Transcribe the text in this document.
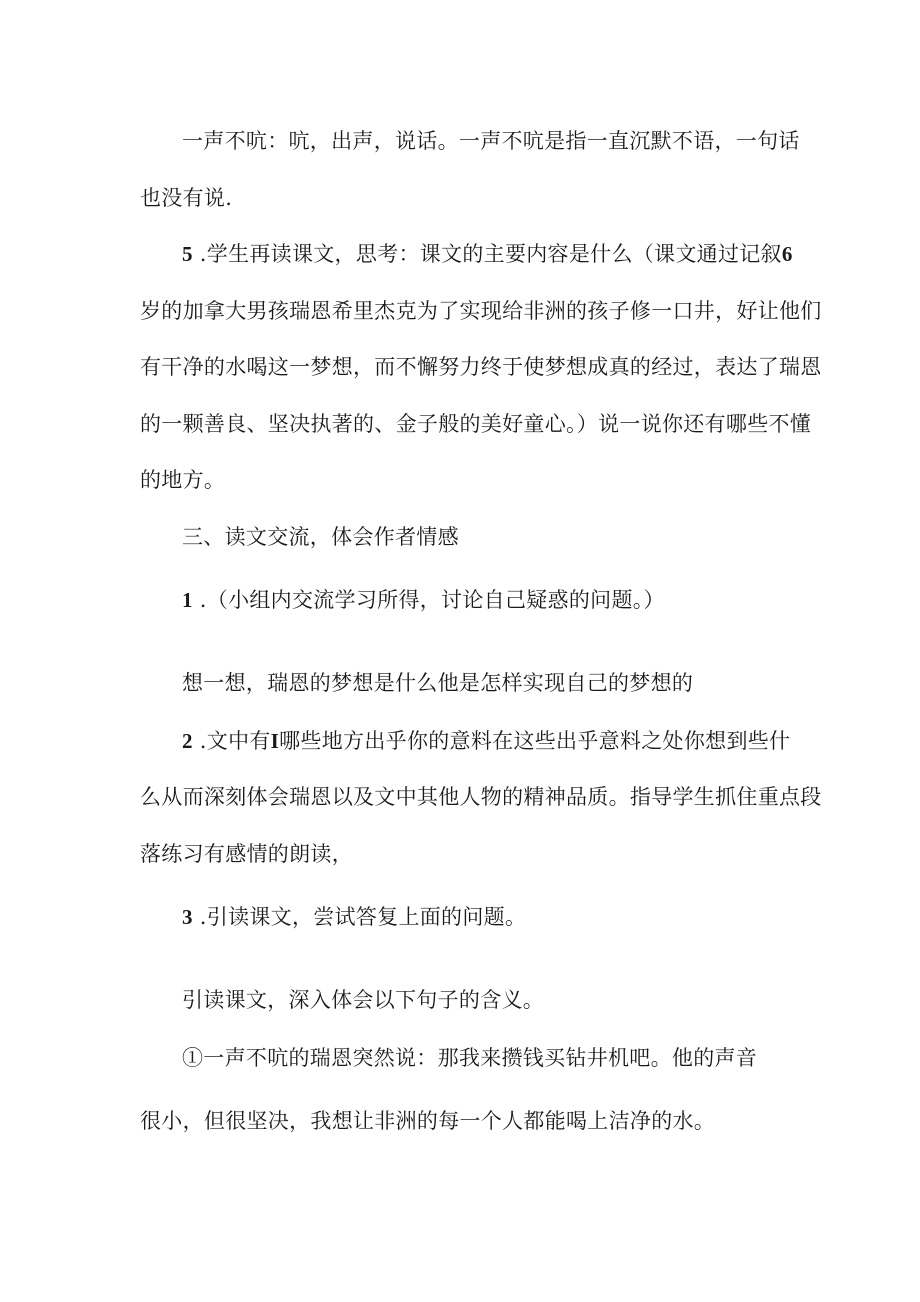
一声不吭：吭，出声，说话。一声不吭是指一直沉默不语，一句话
也没有说.
5 .学生再读课文，思考：课文的主要内容是什么（课文通过记叙6
岁的加拿大男孩瑞恩希里杰克为了实现给非洲的孩子修一口井，好让他们
有干净的水喝这一梦想，而不懈努力终于使梦想成真的经过，表达了瑞恩
的一颗善良、坚决执著的、金子般的美好童心。）说一说你还有哪些不懂
的地方。
三、读文交流，体会作者情感
1 .（小组内交流学习所得，讨论自己疑惑的问题。）
想一想，瑞恩的梦想是什么他是怎样实现自己的梦想的
2 .文中有I哪些地方出乎你的意料在这些出乎意料之处你想到些什
么从而深刻体会瑞恩以及文中其他人物的精神品质。指导学生抓住重点段
落练习有感情的朗读，
3 .引读课文，尝试答复上面的问题。
引读课文，深入体会以下句子的含义。
①一声不吭的瑞恩突然说：那我来攒钱买钻井机吧。他的声音
很小，但很坚决，我想让非洲的每一个人都能喝上洁净的水。
